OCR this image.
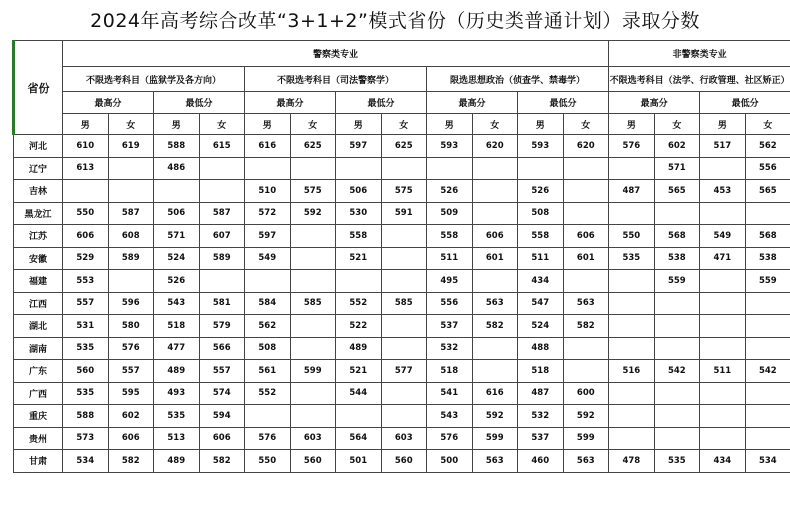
2024年高考综合改革“3+1+2”模式省份（历史类普通计划）录取分数
省份	警察类专业												非警察类专业			
	不限选考科目（监狱学及各方向）				不限选考科目（司法警察学）				限选思想政治（侦查学、禁毒学）				不限选考科目（法学、行政管理、社区矫正）			
	最高分		最低分		最高分		最低分		最高分		最低分		最高分		最低分	
	男	女	男	女	男	女	男	女	男	女	男	女	男	女	男	女
河北	610	619	588	615	616	625	597	625	593	620	593	620	576	602	517	562
辽宁	613		486											571		556
吉林					510	575	506	575	526		526		487	565	453	565
黑龙江	550	587	506	587	572	592	530	591	509		508					
江苏	606	608	571	607	597		558		558	606	558	606	550	568	549	568
安徽	529	589	524	589	549		521		511	601	511	601	535	538	471	538
福建	553		526						495		434			559		559
江西	557	596	543	581	584	585	552	585	556	563	547	563				
湖北	531	580	518	579	562		522		537	582	524	582				
湖南	535	576	477	566	508		489		532		488					
广东	560	557	489	557	561	599	521	577	518		518		516	542	511	542
广西	535	595	493	574	552		544		541	616	487	600				
重庆	588	602	535	594					543	592	532	592				
贵州	573	606	513	606	576	603	564	603	576	599	537	599				
甘肃	534	582	489	582	550	560	501	560	500	563	460	563	478	535	434	534
